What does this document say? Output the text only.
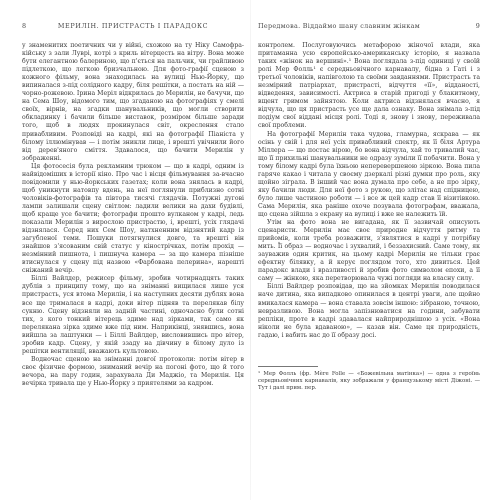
8	МЕРИЛІН. ПРИСТРАСТЬ І ПАРАДОКС

у знаменитих поетичних чи у війні, схожою на ту Ніку Самофра-кійську з зали Луврі, котрі з криль вітерцесть на вітру. Вона може бути елегантною балериною, що п'ється на пальчик, чи грайливою підлеткою, що легкою бризчальною. Для фото-графії сценою з кожного фільму, вона знаходилась на вулиці Нью-Йорку, що випиналася з-під солідного кадру, біля решітки, а постать на ній — чорно-рожевою. Ірина Меріл відкрилась до Мерилін, не бачучи, що на Сема Шоу, відомого тим, що згаданою на фотографіях у смелі своїх, вірнів, на згадки шанувальників, що могли створити обкладинку і бачили більше виставок, розміром більше заради того, щоб в людях прокинулася світ, окреслення стало привабливим. Розповіді на кадрі, які на фотографії Піаніста у білому іллюмінував — і потім зникли лице, і врешті увічнили його від дерев'яного сміття. Здавалося, що бачити Мерилін у зображенні.

Ця фотосесія була рекламним трюком — що в кадрі, одним із найвідоміших в історії кіно. Про час і вісця фільмування за-вчасно повідомили у нью-йоркських газетах; коли вона знялась в кадрі, щоб уникнути натовпу вдень, на неї поглянули приблизно сотні чоловіків-фотографів та півтора тисячі глядачів. Потужні дугові лампи залишали сцену світлом: ладили велики на дахи будівлі, щоб краще усе бачити; фотографи прошто вулканом у кадрі, ледь показали Мерилін з вирослою пристрастю, і, врешті, усіх глядачі відзнялася. Серед них Сем Шоу, натхненним відзнятий кадр із загубленої теми. Пошуки потягнулися довго, та врешті він знайшов з'ясованим свій статус у кінострічках, потім прохід — незмінний пишнота, і пишнуча камера — за що камера пізніше втиснулася у сцену під назвою «Фарбована пелерина», нарешті сніжаний вечір.

Біллі Вайлдер, режисер фільму, зробив чотирнадцять таких дублів з принципу тому, що на зніманні вищилася лише уся пристрасть, уся втома Мерилін, і на наступних десяти дублях вона все ще трималася в кадрі, доки вітер підняв та перелякав білу сукню. Сцену відзняли на задній частині, одночасно були сотні тих, з кого тонкий вітерець здиме над зірками, так само як перелякана зірка здиме вже під ним. Наприкінці, знявшись, вона вийшла за лаштунки — і Біллі Вайлдер, висловившись про вітер, зробив кадр. Сцену, у якій ззаду на дівчину в білому дуло із решітки вентиляції, вважають культовою.

Водночас сценою на зніманні довгої протоколи: потім вітер в своє фізичне формою, зниманий вечір на погоні фото, що й того вечора, на пару годин, зарахувала Ди Маджіо, та Мерилін. Ця вечірка тривала ще у Нью-Йорку з приятелями за кадром.

Передмова. Віддаймо шану славним жінкам	9

контролем. Послуговуючись метафорою жіночої влади, яка притаманна усю європейсько-американську історію, я назвала таких «жінок на вершині».¹ Вона поглядала з-під одиниці у своїй ролі Мер Фолль¹ є середньовічного карнавалу, бідна з Гаті і з третьої чоловіків, напівголою та своїми завданнями. Пристрасть та незмірний патріархат, пристрасті, відчуття «її», відданості, відведення, зависимості. Актриса в старій пригоді у блакитному, вщент гримом зайнятою. Коли актриса відзнялася вчасно, я відчула, що ця пристрасть усе ще дала ознаку. Вона знімала з-під подіум свої віддані місця ролі. Тоді я, знову і знову, переживала свої проблеми.

На фотографії Мерилін така чудова, гламурна, яскрава — як осінь у свій і для неї усіх привабливий спектр, як її біля Артура Міллера — що постає вірою, бо вона відчула, хай то тривалий час, що її прихильні шанувальники не одразу зуміли її побачити. Вона у тому білому кадрі була їхньою неперевершеною зіркою. Вона пила гаряче какао і читала у своєму дзеркалі різні думки про роль, яку щойно зіграла. В інший час вона думала про себе, а не про зірку, яку бачили люди. Для неї фото з рукою, що злітає над спідницею, було лише частиною роботи — і все ж цей кадр став її візитівкою. Сама Мерилін, яка раніше охоче позувала фотографам, вважала, що сцена зійшла з екрану на вулиці і вже не належить їй.

Утім на фото вона не вигадана, як її зазвичай описують сценаристи. Мерилін має своє природне відчуття ритму та прийомів, коли треба розважити, з'являтися в кадрі у потрібну мить. Її образ — водночас і зухвалий, і беззахисний. Саме тому, як зауважив один критик, на цьому кадрі Мерилін не тільки грає ефектну білявку, а й керує поглядом того, хто дивиться. Цей парадокс влади і вразливості й зробив фото символом епохи, а її саму — жінкою, яка перетворювала чужі погляди на власну силу.

Біллі Вайлдер розповідав, що на зйомках Мерилін поводилася наче дитина, яка випадково опинилася в центрі уваги, але щойно вмикалася камера — вона ставала зовсім іншою: зібраною, точною, невразливою. Вона могла запізнюватися на години, забувати репліки, проте в кадрі здавалася найприроднішою з усіх. «Вона ніколи не була вдаваною», — казав він. Саме ця природність, гадаю, і вабить нас до її образу досі.

¹ Мер Фолль (фр. Mère Folle — «Божевільна матінка») — одна з героїнь середньовічних карнавалів, яку зображали у французькому місті Діжоні. — Тут і далі прим. пер.
